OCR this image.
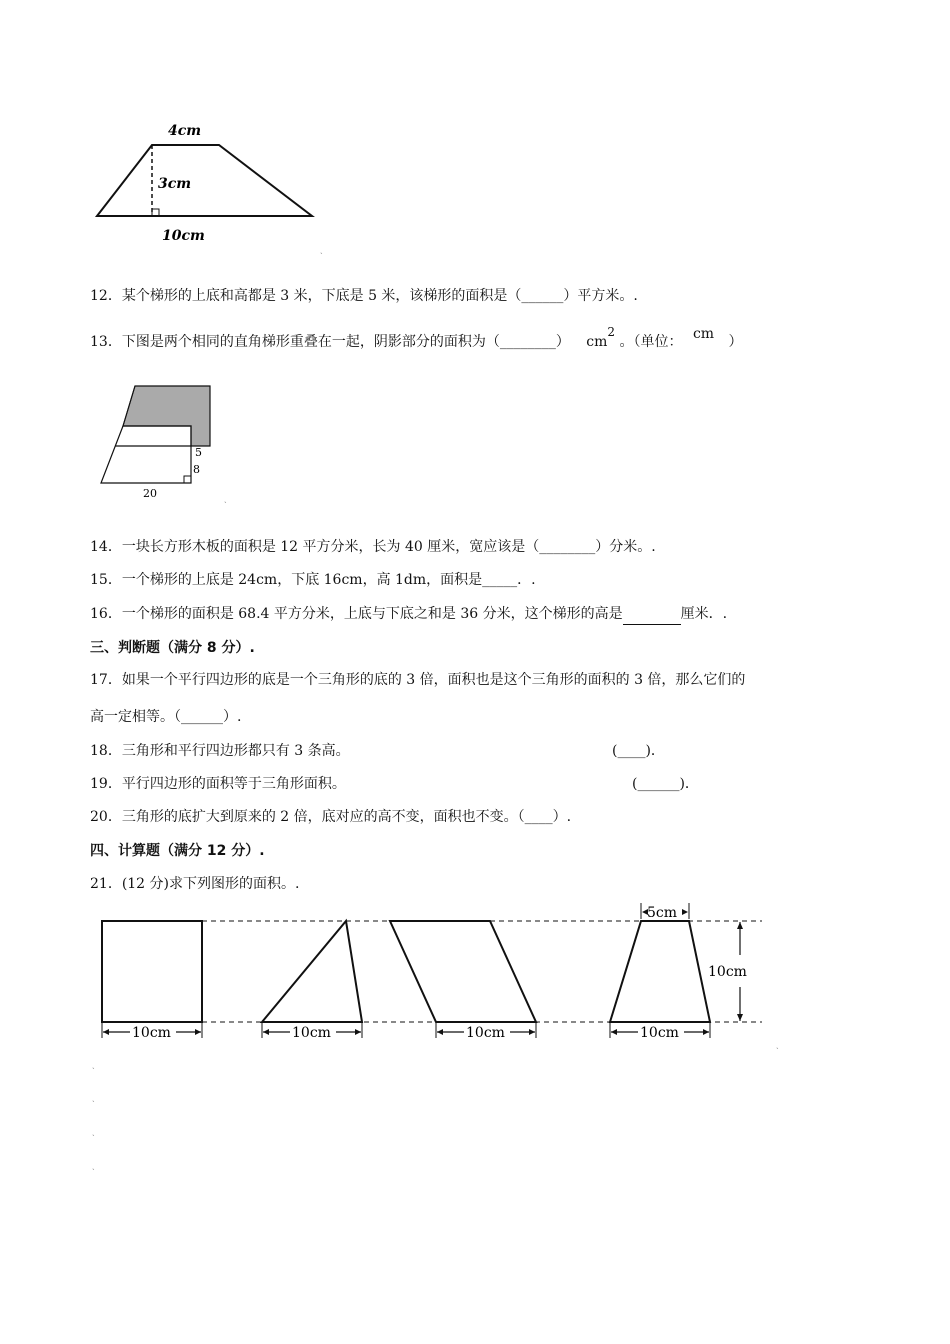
4cm
3cm
10cm
ˎ
12．某个梯形的上底和高都是 3 米，下底是 5 米，该梯形的面积是（______）平方米。.
13．下图是两个相同的直角梯形重叠在一起，阴影部分的面积为（________） cm2 。（单位： cm ）
5
8
20	ˎ
14．一块长方形木板的面积是 12 平方分米，长为 40 厘米，宽应该是（________）分米。.
15．一个梯形的上底是 24cm，下底 16cm，高 1dm，面积是_____．.
16．一个梯形的面积是 68.4 平方分米，上底与下底之和是 36 分米，这个梯形的高是	厘米．.
三、判断题（满分 8 分）.
17．如果一个平行四边形的底是一个三角形的底的 3 倍，面积也是这个三角形的面积的 3 倍，那么它们的
高一定相等。（______）.
18．三角形和平行四边形都只有 3 条高。	(____)．
19．平行四边形的面积等于三角形面积。	(______)．
20．三角形的底扩大到原来的 2 倍，底对应的高不变，面积也不变。（____）.
四、计算题（满分 12 分）.
21．(12 分)求下列图形的面积。.
10cm	10cm	10cm	10cm
5cm
10cm
ˎ
ˎ
ˎ
ˎ
ˎ
